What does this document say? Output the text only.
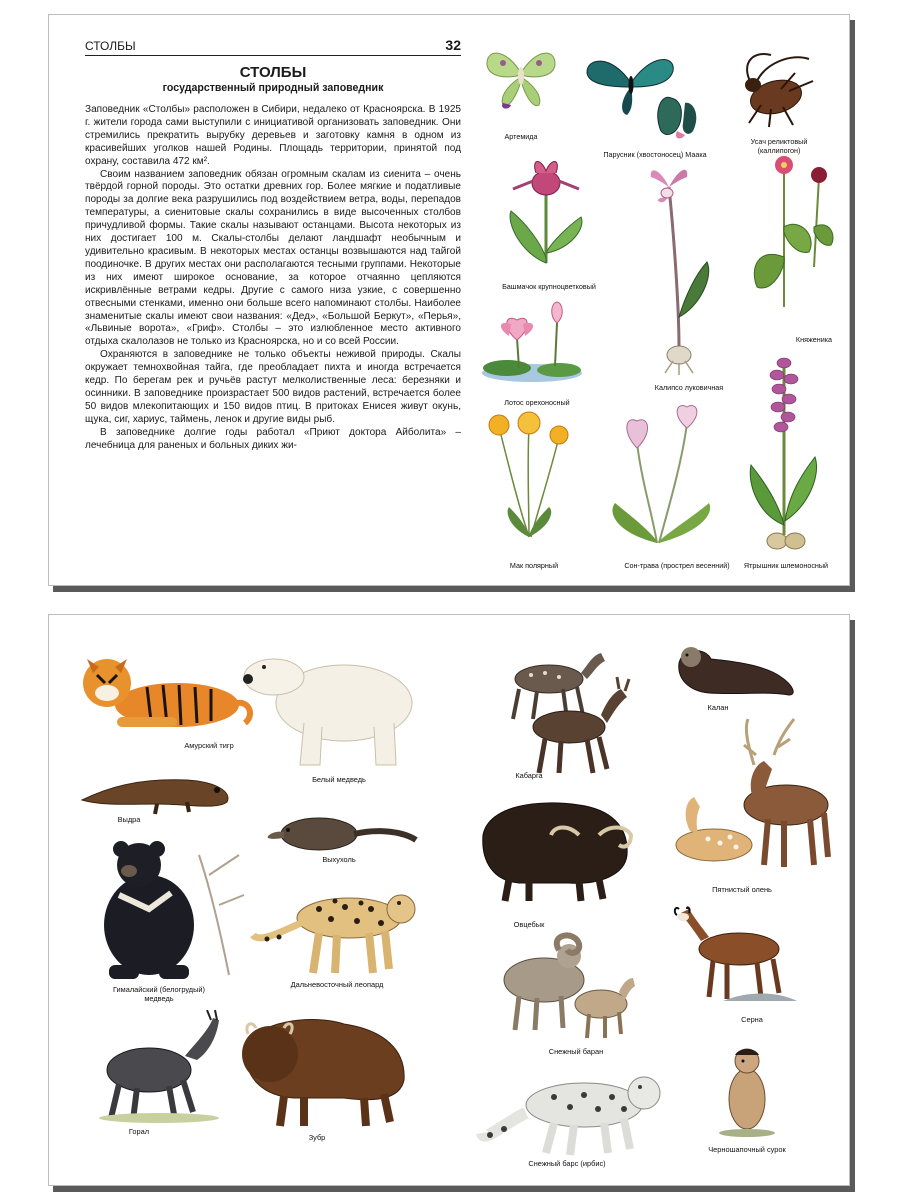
СТОЛБЫ	32
СТОЛБЫ
государственный природный заповедник

Заповедник «Столбы» расположен в Сибири, недалеко от Красноярска. В 1925 г. жители города сами выступили с инициативой организовать заповедник. Они стремились прекратить вырубку деревьев и заготовку камня в одном из красивейших уголков нашей Родины. Площадь территории, принятой под охрану, составила 472 км².

Своим названием заповедник обязан огромным скалам из сиенита – очень твёрдой горной породы. Это остатки древних гор. Более мягкие и податливые породы за долгие века разрушились под воздействием ветра, воды, перепадов температуры, а сиенитовые скалы сохранились в виде высоченных столбов причудливой формы. Такие скалы называют останцами. Высота некоторых из них достигает 100 м. Скалы-столбы делают ландшафт необычным и удивительно красивым. В некоторых местах останцы возвышаются над тайгой поодиночке. В других местах они располагаются тесными группами. Некоторые из них имеют широкое основание, за которое отчаянно цепляются искривлённые ветрами кедры. Другие с самого низа узкие, с совершенно отвесными стенками, именно они больше всего напоминают столбы. Наиболее знаменитые скалы имеют свои названия: «Дед», «Большой Беркут», «Перья», «Львиные ворота», «Гриф». Столбы – это излюбленное место активного отдыха скалолазов не только из Красноярска, но и со всей России.

Охраняются в заповеднике не только объекты неживой природы. Скалы окружает темнохвойная тайга, где преобладает пихта и иногда встречается кедр. По берегам рек и ручьёв растут мелколиственные леса: березняки и осинники. В заповеднике произрастает 500 видов растений, встречается более 50 видов млекопитающих и 150 видов птиц. В притоках Енисея живут окунь, щука, сиг, хариус, таймень, ленок и другие виды рыб.

В заповеднике долгие годы работал «Приют доктора Айболита» – лечебница для раненых и больных диких жи-

Артемида
Парусник (хвостоносец) Маака
Усач реликтовый (каллипогон)
Башмачок крупноцветковый
Калипсо луковичная
Княженика
Лотос орехоносный
Ятрышник шлемоносный
Мак полярный	Сон-трава (прострел весенний)
Амурский тигр
Белый медведь
Выдра
Выхухоль
Гималайский (белогрудый) медведь
Дальневосточный леопард
Горал
Зубр
Кабарга
Калан
Пятнистый олень
Овцебык
Серна
Снежный баран
Снежный барс (ирбис)
Черношапочный сурок
